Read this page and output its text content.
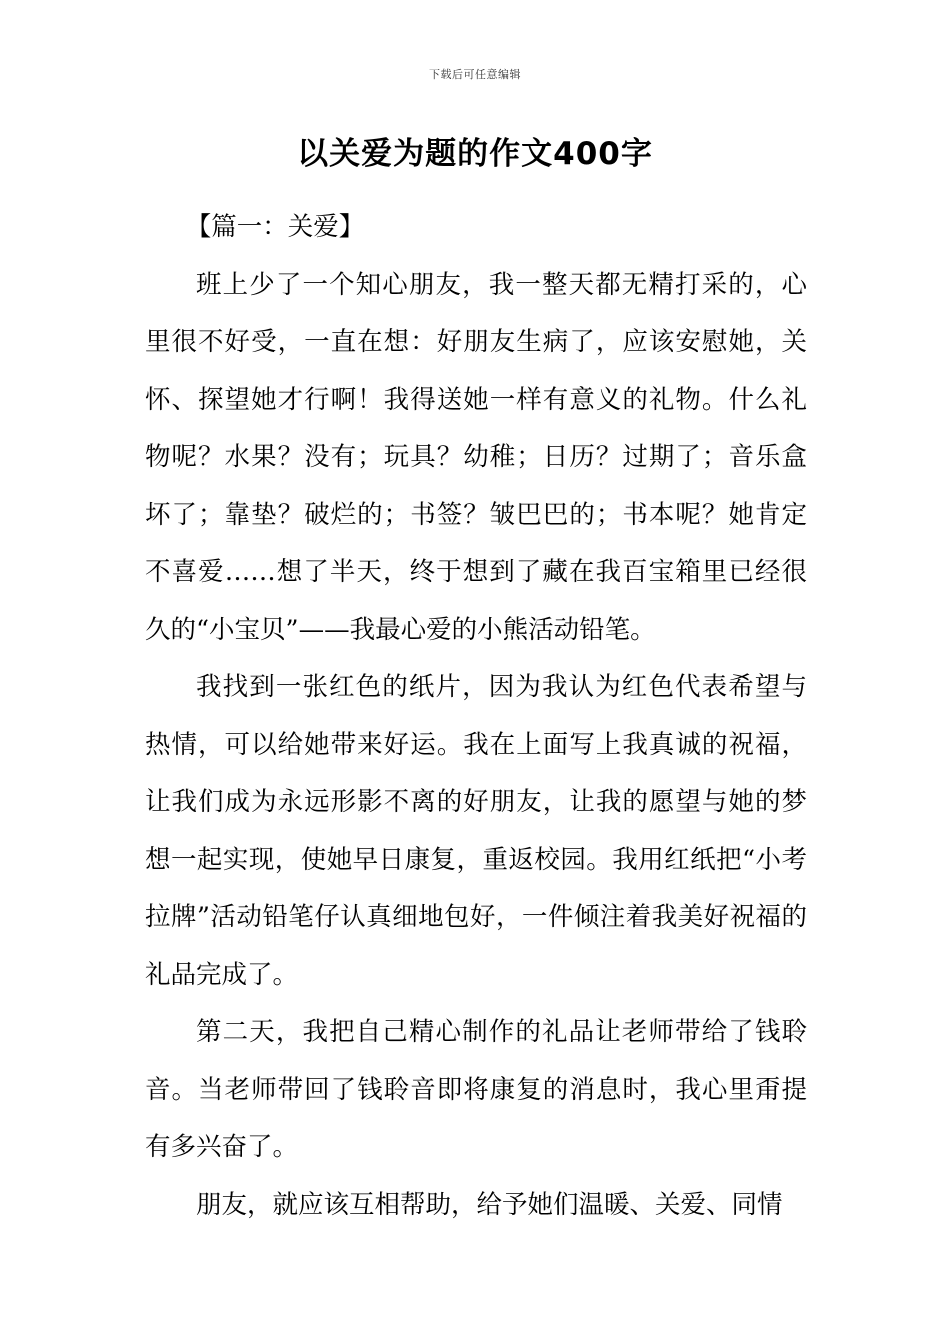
下载后可任意编辑
以关爱为题的作文400字

【篇一：关爱】

班上少了一个知心朋友，我一整天都无精打采的，心里很不好受，一直在想：好朋友生病了，应该安慰她，关怀、探望她才行啊！我得送她一样有意义的礼物。什么礼物呢？水果？没有；玩具？幼稚；日历？过期了；音乐盒坏了；靠垫？破烂的；书签？皱巴巴的；书本呢？她肯定不喜爱……想了半天，终于想到了藏在我百宝箱里已经很久的“小宝贝”——我最心爱的小熊活动铅笔。

我找到一张红色的纸片，因为我认为红色代表希望与热情，可以给她带来好运。我在上面写上我真诚的祝福，让我们成为永远形影不离的好朋友，让我的愿望与她的梦想一起实现，使她早日康复，重返校园。我用红纸把“小考拉牌”活动铅笔仔认真细地包好，一件倾注着我美好祝福的礼品完成了。

第二天，我把自己精心制作的礼品让老师带给了钱聆音。当老师带回了钱聆音即将康复的消息时，我心里甭提有多兴奋了。

朋友，就应该互相帮助，给予她们温暖、关爱、同情
